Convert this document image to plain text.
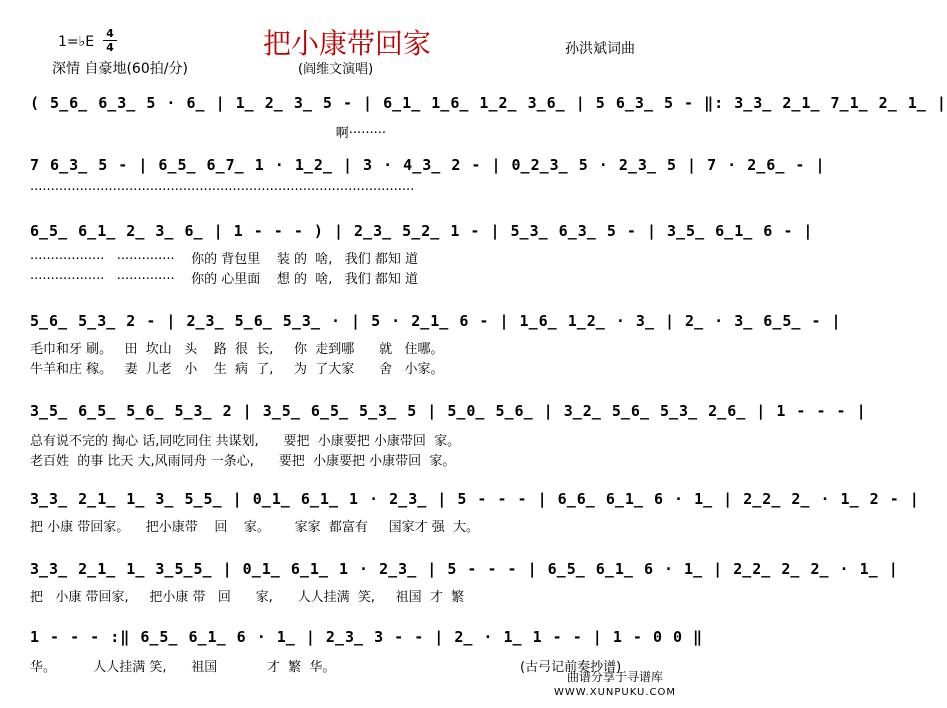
把小康带回家
1=♭E
4
4
深情 自豪地(60拍/分)	(阎维文演唱)
孙洪斌词曲
( 5̲6̲ 6̲3̲ 5 · 6̲ | 1̲ 2̲ 3̲ 5 - | 6̲1̲ 1̲6̲ 1̲2̲ 3̲6̲ | 5 6̲3̲ 5 - ‖: 3̲3̲ 2̲1̲ 7̲1̲ 2̲ 1̲ |
啊·········
7 6̲3̲ 5 - | 6̲5̲ 6̲7̲ 1 · 1̲2̲ | 3 · 4̲3̲ 2 - | 0̲2̲3̲ 5 · 2̲3̲ 5 | 7 · 2̲6̲ - |
·····························································································
6̲5̲ 6̲1̲ 2̲ 3̲ 6̲ | 1 - - - ) | 2̲3̲ 5̲2̲ 1 - | 5̲3̲ 6̲3̲ 5 - | 3̲5̲ 6̲1̲ 6 - |
··················   ··············    你的 背包里    装 的  啥,   我们 都知 道
··················   ··············    你的 心里面    想 的  啥,   我们 都知 道
5̲6̲ 5̲3̲ 2 - | 2̲3̲ 5̲6̲ 5̲3̲ · | 5 · 2̲1̲ 6 - | 1̲6̲ 1̲2̲ · 3̲ | 2̲ · 3̲ 6̲5̲ - |
毛巾和牙 刷。   田  坎山   头    路  很  长,     你  走到哪      就   住哪。
牛羊和庄 稼。   妻  儿老   小    生  病  了,     为  了大家      舍   小家。
3̲5̲ 6̲5̲ 5̲6̲ 5̲3̲ 2 | 3̲5̲ 6̲5̲ 5̲3̲ 5 | 5̲0̲ 5̲6̲ | 3̲2̲ 5̲6̲ 5̲3̲ 2̲6̲ | 1 - - - |
总有说不完的 掏心 话,同吃同住 共谋划,      要把  小康要把 小康带回  家。
老百姓  的事 比天 大,风雨同舟 一条心,      要把  小康要把 小康带回  家。
3̲3̲ 2̲1̲ 1̲ 3̲ 5̲5̲ | 0̲1̲ 6̲1̲ 1 · 2̲3̲ | 5 - - - | 6̲6̲ 6̲1̲ 6 · 1̲ | 2̲2̲ 2̲ · 1̲ 2 - |
把 小康 带回家。    把小康带    回    家。      家家  都富有     国家才 强  大。
3̲3̲ 2̲1̲ 1̲ 3̲5̲5̲ | 0̲1̲ 6̲1̲ 1 · 2̲3̲ | 5 - - - | 6̲5̲ 6̲1̲ 6 · 1̲ | 2̲2̲ 2̲ 2̲ · 1̲ |
把   小康 带回家,     把小康 带   回      家,      人人挂满  笑,     祖国  才  繁
1 - - - :‖ 6̲5̲ 6̲1̲ 6 · 1̲ | 2̲3̲ 3 - - | 2̲ · 1̲ 1 - - | 1 - 0 0 ‖
华。         人人挂满 笑,      祖国            才  繁  华。	(古弓记前奏抄谱)
曲谱分享于寻谱库
WWW.XUNPUKU.COM
